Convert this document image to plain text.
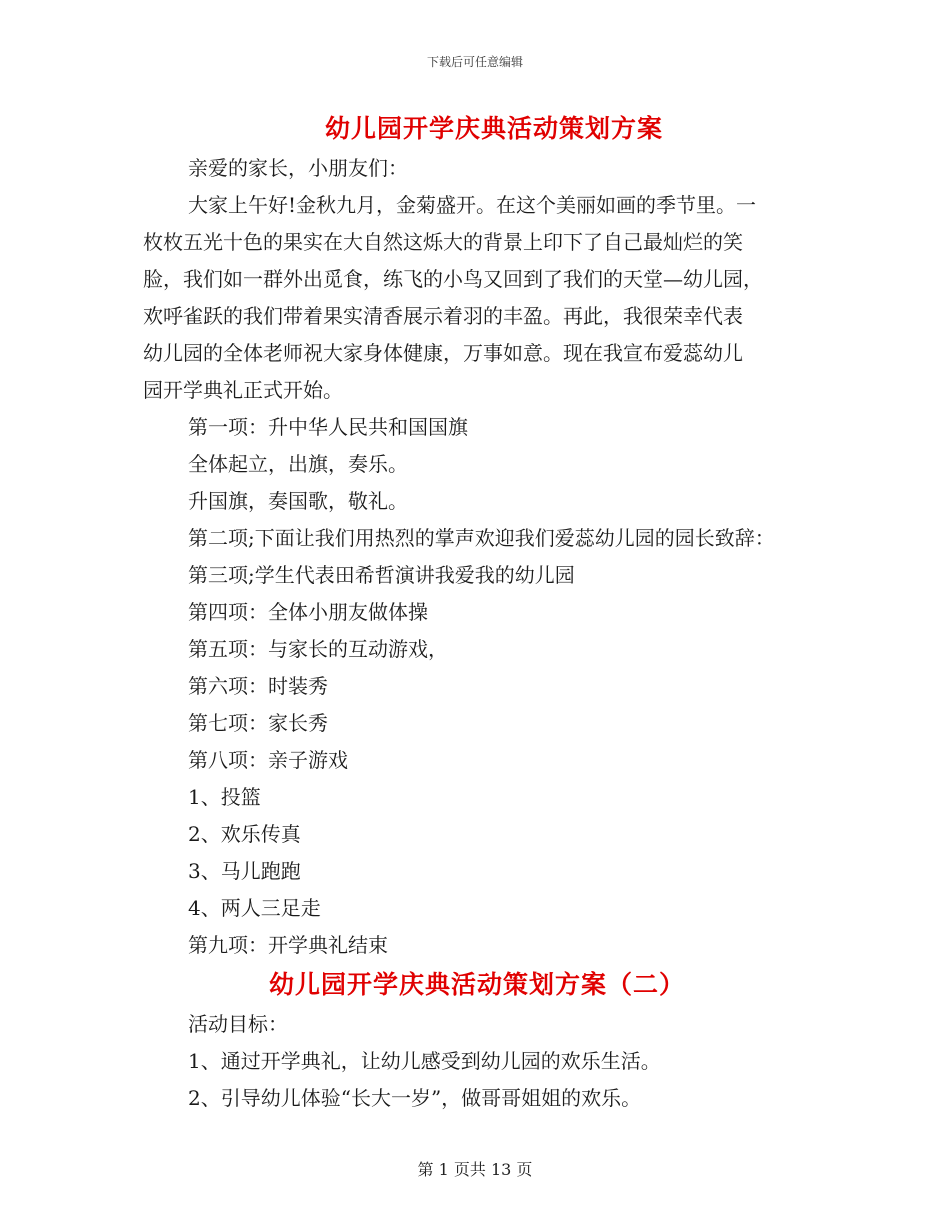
下载后可任意编辑
幼儿园开学庆典活动策划方案

亲爱的家长，小朋友们：

大家上午好!金秋九月，金菊盛开。在这个美丽如画的季节里。一
枚枚五光十色的果实在大自然这烁大的背景上印下了自己最灿烂的笑
脸，我们如一群外出觅食，练飞的小鸟又回到了我们的天堂—幼儿园，
欢呼雀跃的我们带着果实清香展示着羽的丰盈。再此，我很荣幸代表
幼儿园的全体老师祝大家身体健康，万事如意。现在我宣布爱蕊幼儿
园开学典礼正式开始。

第一项：升中华人民共和国国旗

全体起立，出旗，奏乐。

升国旗，奏国歌，敬礼。

第二项;下面让我们用热烈的掌声欢迎我们爱蕊幼儿园的园长致辞：

第三项;学生代表田希哲演讲我爱我的幼儿园

第四项：全体小朋友做体操

第五项：与家长的互动游戏，

第六项：时装秀

第七项：家长秀

第八项：亲子游戏

1、投篮

2、欢乐传真

3、马儿跑跑

4、两人三足走

第九项：开学典礼结束

幼儿园开学庆典活动策划方案（二）

活动目标：

1、通过开学典礼，让幼儿感受到幼儿园的欢乐生活。

2、引导幼儿体验“长大一岁”，做哥哥姐姐的欢乐。

第 1 页共 13 页
